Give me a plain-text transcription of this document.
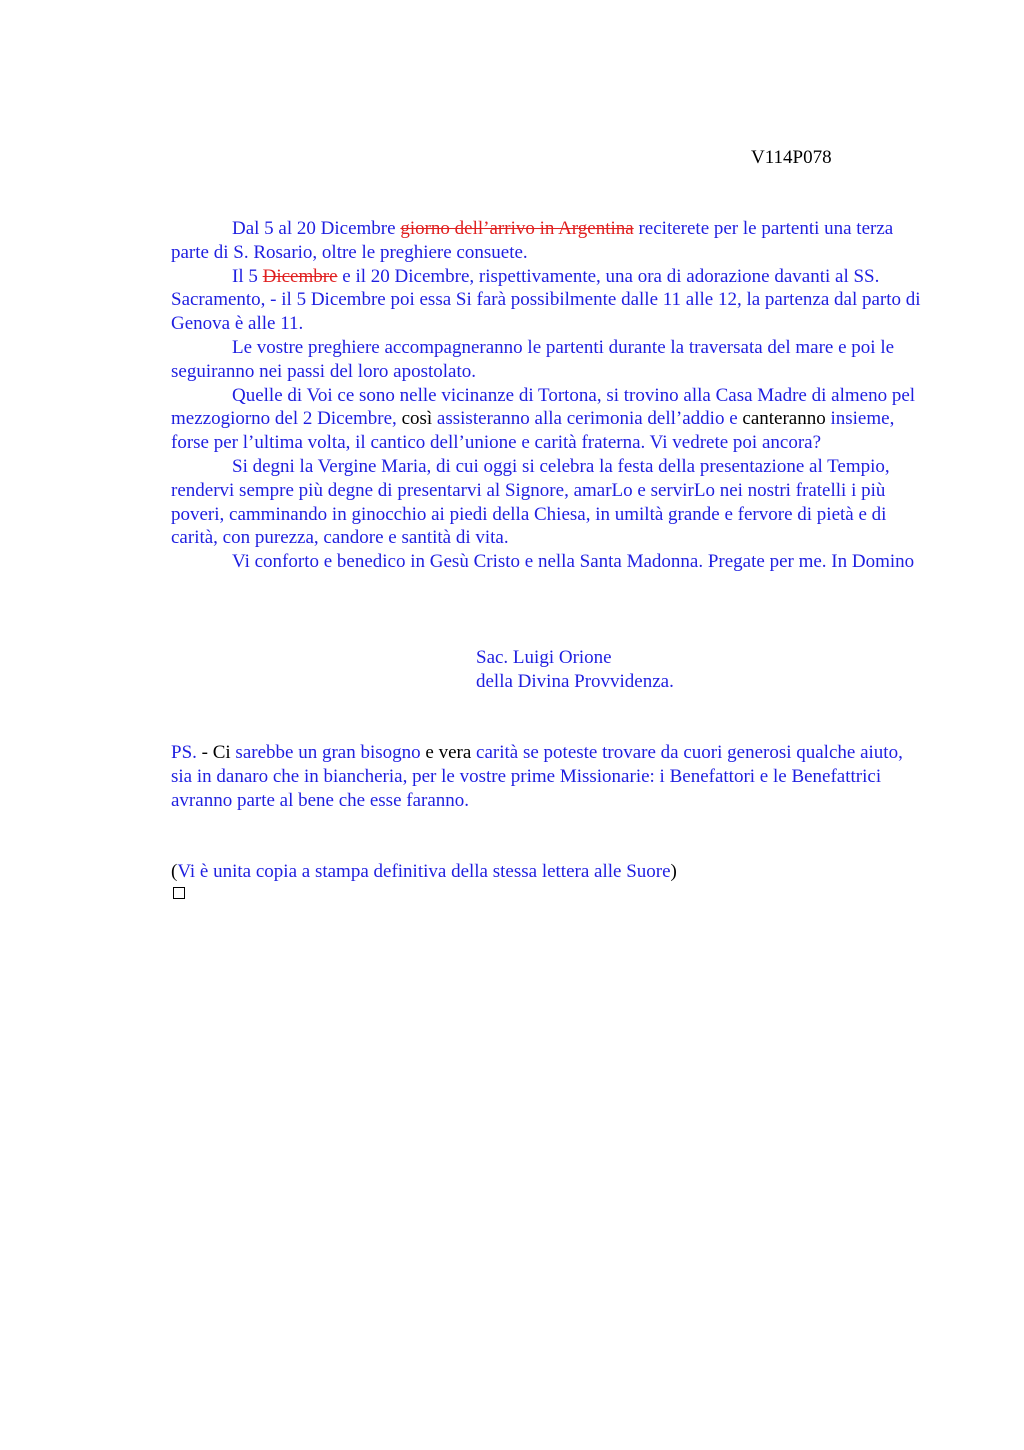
V114P078

Dal 5 al 20 Dicembre giorno dell’arrivo in Argentina reciterete per le partenti una terza parte di S. Rosario, oltre le preghiere consuete.

Il 5 Dicembre e il 20 Dicembre, rispettivamente, una ora di adorazione davanti al SS. Sacramento, - il 5 Dicembre poi essa Si farà possibilmente dalle 11 alle 12, la partenza dal parto di Genova è alle 11.

Le vostre preghiere accompagneranno le partenti durante la traversata del mare e poi le seguiranno nei passi del loro apostolato.

Quelle di Voi ce sono nelle vicinanze di Tortona, si trovino alla Casa Madre di almeno pel mezzogiorno del 2 Dicembre, così assisteranno alla cerimonia dell’addio e canteranno insieme, forse per l’ultima volta, il cantico dell’unione e carità fraterna. Vi vedrete poi ancora?

Si degni la Vergine Maria, di cui oggi si celebra la festa della presentazione al Tempio, rendervi sempre più degne di presentarvi al Signore, amarLo e servirLo nei nostri fratelli i più poveri, camminando in ginocchio ai piedi della Chiesa, in umiltà grande e fervore di pietà e di carità, con purezza, candore e santità di vita.

Vi conforto e benedico in Gesù Cristo e nella Santa Madonna. Pregate per me. In Domino

Sac. Luigi Orione
della Divina Provvidenza.
PS. - Ci sarebbe un gran bisogno e vera carità se poteste trovare da cuori generosi qualche aiuto, sia in danaro che in biancheria, per le vostre prime Missionarie: i Benefattori e le Benefattrici avranno parte al bene che esse faranno.
(Vi è unita copia a stampa definitiva della stessa lettera alle Suore)
